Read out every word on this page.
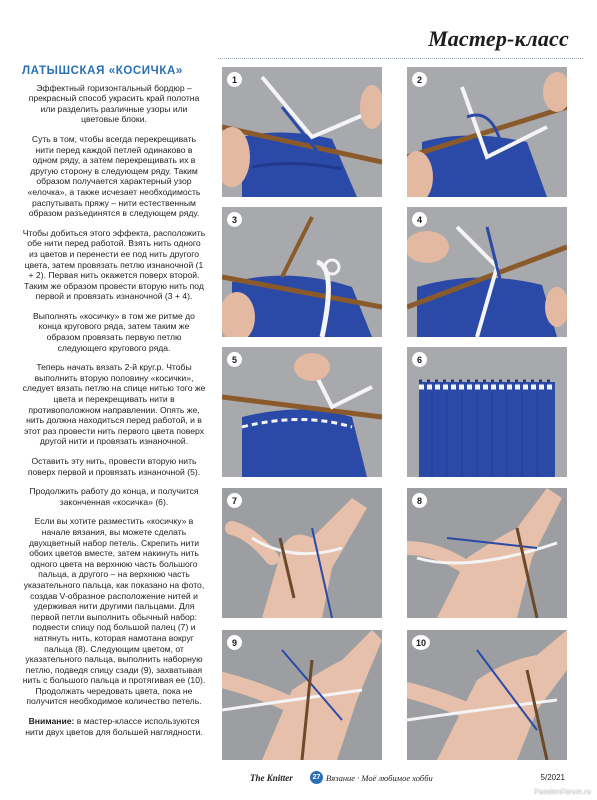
Мастер-класс
ЛАТЫШСКАЯ «КОСИЧКА»
Эффектный горизонтальный бордюр – прекрасный способ украсить край полотна или разделить различные узоры или цветовые блоки.
Суть в том, чтобы всегда перекрещивать нити перед каждой петлей одинаково в одном ряду, а затем перекрещивать их в другую сторону в следующем ряду. Таким образом получается характерный узор «елочка», а также исчезает необходимость распутывать пряжу – нити естественным образом разъединятся в следующем ряду.
Чтобы добиться этого эффекта, расположить обе нити перед работой. Взять нить одного из цветов и перенести ее под нить другого цвета, затем провязать петлю изнаночной (1 + 2). Первая нить окажется поверх второй. Таким же образом провести вторую нить под первой и провязать изнаночной (3 + 4).
Выполнять «косичку» в том же ритме до конца кругового ряда, затем таким же образом провязать первую петлю следующего кругового ряда.
Теперь начать вязать 2-й круг.р. Чтобы выполнить вторую половину «косички», следует вязать петлю на спице нитью того же цвета и перекрещивать нити в противоположном направлении. Опять же, нить должна находиться перед работой, и в этот раз провести нить первого цвета поверх другой нити и провязать изнаночной.
Оставить эту нить, провести вторую нить поверх первой и провязать изнаночной (5).
Продолжить работу до конца, и получится законченная «косичка» (6).
Если вы хотите разместить «косичку» в начале вязания, вы можете сделать двухцветный набор петель. Скрепить нити обоих цветов вместе, затем накинуть нить одного цвета на верхнюю часть большого пальца, а другого – на верхнюю часть указательного пальца, как показано на фото, создав V-образное расположение нитей и удерживая нити другими пальцами. Для первой петли выполнить обычный набор: подвести спицу под большой палец (7) и натянуть нить, которая намотана вокруг пальца (8). Следующим цветом, от указательного пальца, выполнить наборную петлю, подведя спицу сзади (9), захватывая нить с большого пальца и протягивая ее (10). Продолжать чередовать цвета, пока не получится необходимое количество петель.
Внимание: в мастер-классе используются нити двух цветов для большей наглядности.
1	2
3	4
5	6
7	8
9	10
The Knitter	27 Вязание · Моё любимое хобби	5/2021
PassionForum.ru
